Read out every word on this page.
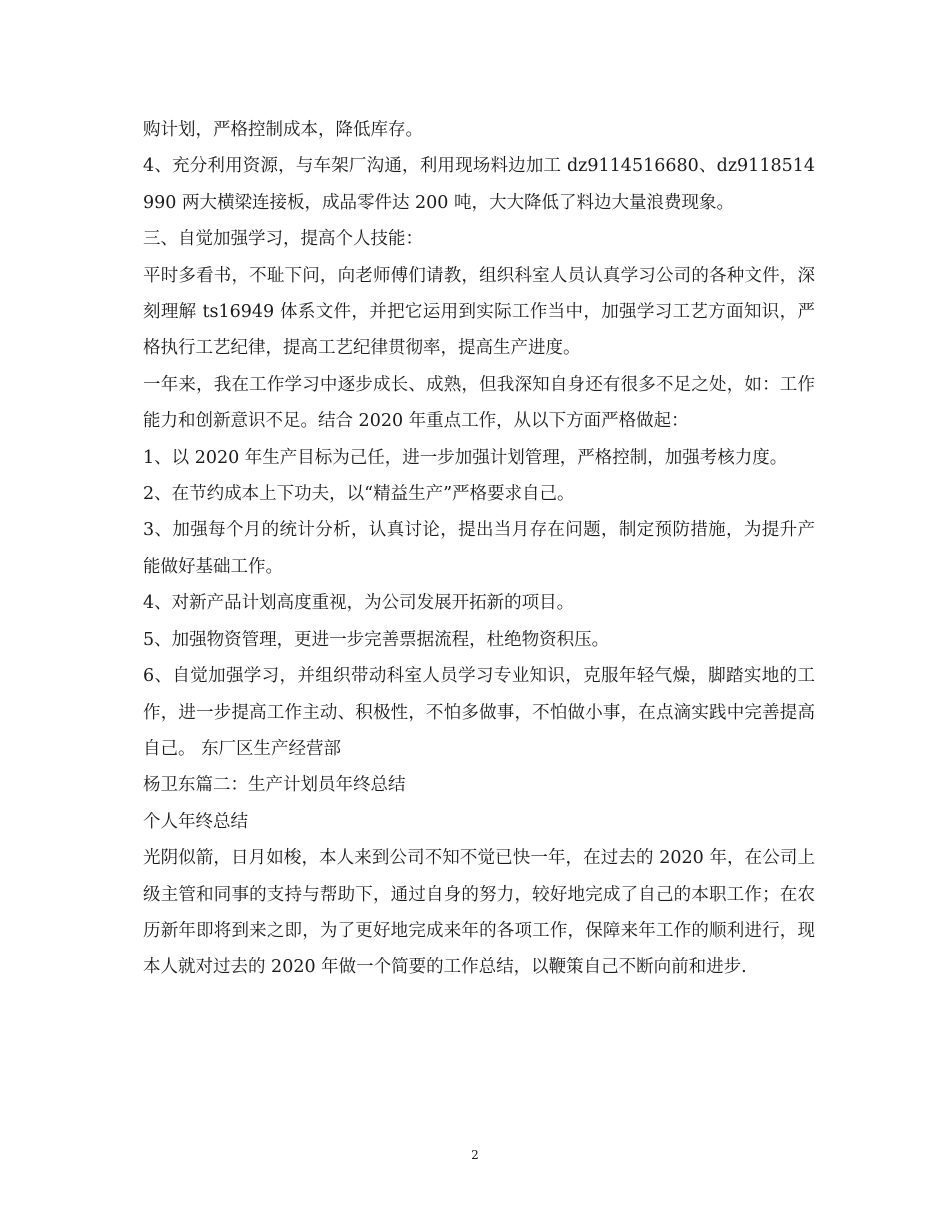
购计划，严格控制成本，降低库存。

4、充分利用资源，与车架厂沟通，利用现场料边加工 dz9114516680、dz9118514990 两大横梁连接板，成品零件达 200 吨，大大降低了料边大量浪费现象。

三、自觉加强学习，提高个人技能：

平时多看书，不耻下问，向老师傅们请教，组织科室人员认真学习公司的各种文件，深刻理解 ts16949 体系文件，并把它运用到实际工作当中，加强学习工艺方面知识，严格执行工艺纪律，提高工艺纪律贯彻率，提高生产进度。

一年来，我在工作学习中逐步成长、成熟，但我深知自身还有很多不足之处，如：工作能力和创新意识不足。结合 2020 年重点工作，从以下方面严格做起：

1、以 2020 年生产目标为己任，进一步加强计划管理，严格控制，加强考核力度。

2、在节约成本上下功夫，以“精益生产”严格要求自己。

3、加强每个月的统计分析，认真讨论，提出当月存在问题，制定预防措施，为提升产能做好基础工作。

4、对新产品计划高度重视，为公司发展开拓新的项目。

5、加强物资管理，更进一步完善票据流程，杜绝物资积压。

6、自觉加强学习，并组织带动科室人员学习专业知识，克服年轻气燥，脚踏实地的工作，进一步提高工作主动、积极性，不怕多做事，不怕做小事，在点滴实践中完善提高自己。 东厂区生产经营部

杨卫东篇二：生产计划员年终总结

个人年终总结

光阴似箭，日月如梭，本人来到公司不知不觉已快一年，在过去的 2020 年，在公司上级主管和同事的支持与帮助下，通过自身的努力，较好地完成了自己的本职工作；在农历新年即将到来之即，为了更好地完成来年的各项工作，保障来年工作的顺利进行，现本人就对过去的 2020 年做一个简要的工作总结，以鞭策自己不断向前和进步.

2
